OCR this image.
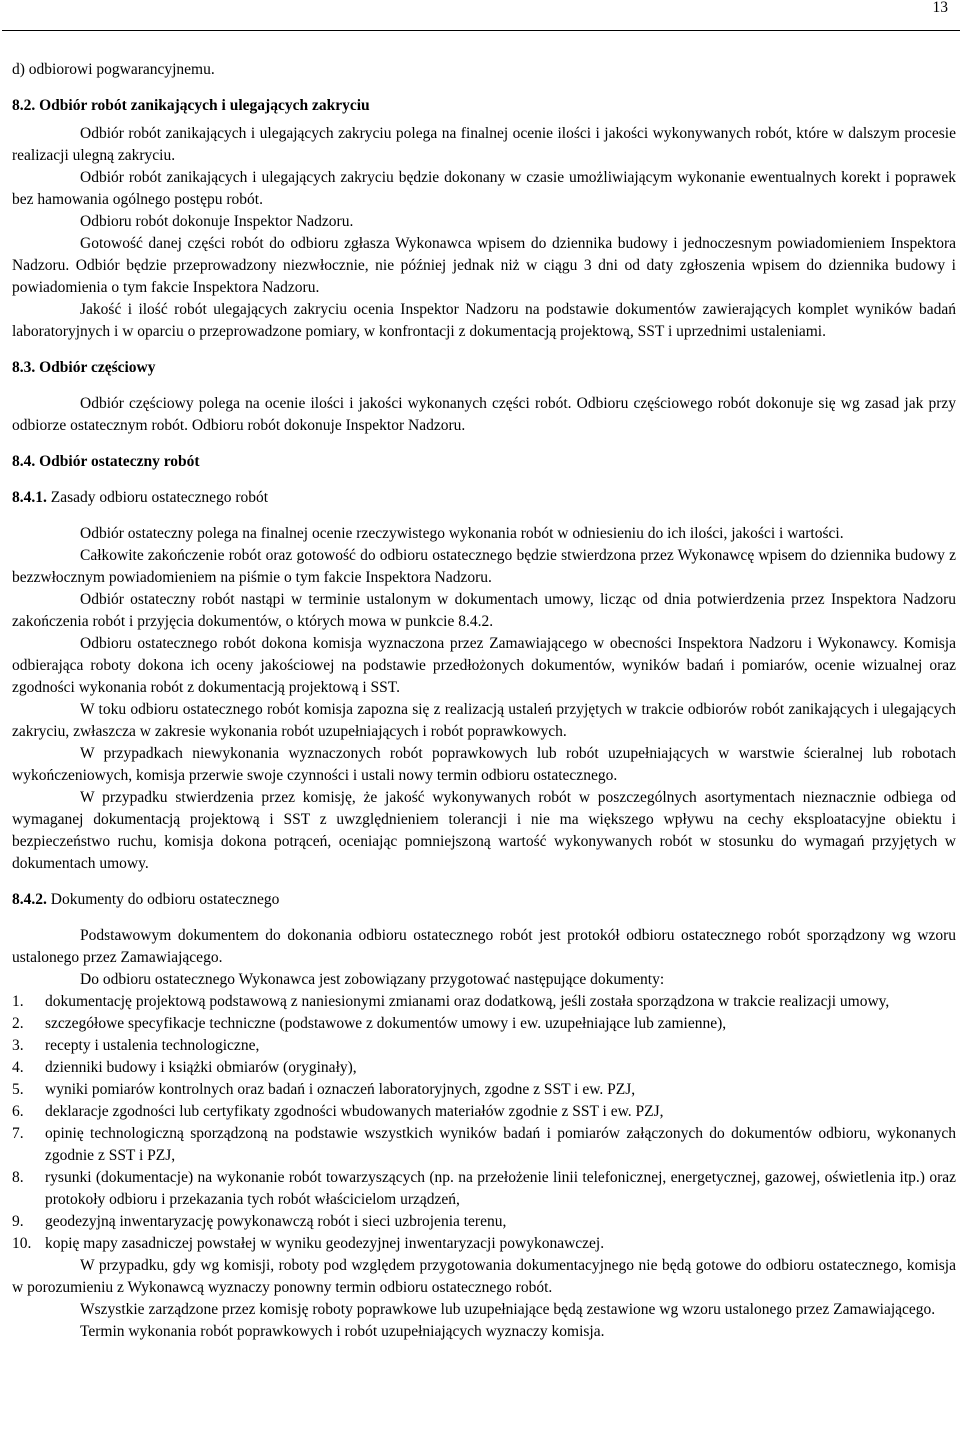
13

d) odbiorowi pogwarancyjnemu.

8.2. Odbiór robót zanikających i ulegających zakryciu

Odbiór robót zanikających i ulegających zakryciu polega na finalnej ocenie ilości i jakości wykonywanych robót, które w dalszym procesie realizacji ulegną zakryciu.

Odbiór robót zanikających i ulegających zakryciu będzie dokonany w czasie umożliwiającym wykonanie ewentualnych korekt i poprawek bez hamowania ogólnego postępu robót.

Odbioru robót dokonuje Inspektor Nadzoru.

Gotowość danej części robót do odbioru zgłasza Wykonawca wpisem do dziennika budowy i jednoczesnym powiadomieniem Inspektora Nadzoru. Odbiór będzie przeprowadzony niezwłocznie, nie później jednak niż w ciągu 3 dni od daty zgłoszenia wpisem do dziennika budowy i powiadomienia o tym fakcie Inspektora Nadzoru.

Jakość i ilość robót ulegających zakryciu ocenia Inspektor Nadzoru na podstawie dokumentów zawierających komplet wyników badań laboratoryjnych i w oparciu o przeprowadzone pomiary, w konfrontacji z dokumentacją projektową, SST i uprzednimi ustaleniami.

8.3. Odbiór częściowy

Odbiór częściowy polega na ocenie ilości i jakości wykonanych części robót. Odbioru częściowego robót dokonuje się wg zasad jak przy odbiorze ostatecznym robót. Odbioru robót dokonuje Inspektor Nadzoru.

8.4. Odbiór ostateczny robót
8.4.1. Zasady odbioru ostatecznego robót

Odbiór ostateczny polega na finalnej ocenie rzeczywistego wykonania robót w odniesieniu do ich ilości, jakości i wartości.

Całkowite zakończenie robót oraz gotowość do odbioru ostatecznego będzie stwierdzona przez Wykonawcę wpisem do dziennika budowy z bezzwłocznym powiadomieniem na piśmie o tym fakcie Inspektora Nadzoru.

Odbiór ostateczny robót nastąpi w terminie ustalonym w dokumentach umowy, licząc od dnia potwierdzenia przez Inspektora Nadzoru zakończenia robót i przyjęcia dokumentów, o których mowa w punkcie 8.4.2.

Odbioru ostatecznego robót dokona komisja wyznaczona przez Zamawiającego w obecności Inspektora Nadzoru i Wykonawcy. Komisja odbierająca roboty dokona ich oceny jakościowej na podstawie przedłożonych dokumentów, wyników badań i pomiarów, ocenie wizualnej oraz zgodności wykonania robót z dokumentacją projektową i SST.

W toku odbioru ostatecznego robót komisja zapozna się z realizacją ustaleń przyjętych w trakcie odbiorów robót zanikających i ulegających zakryciu, zwłaszcza w zakresie wykonania robót uzupełniających i robót poprawkowych.

W przypadkach niewykonania wyznaczonych robót poprawkowych lub robót uzupełniających w warstwie ścieralnej lub robotach wykończeniowych, komisja przerwie swoje czynności i ustali nowy termin odbioru ostatecznego.

W przypadku stwierdzenia przez komisję, że jakość wykonywanych robót w poszczególnych asortymentach nieznacznie odbiega od wymaganej dokumentacją projektową i SST z uwzględnieniem tolerancji i nie ma większego wpływu na cechy eksploatacyjne obiektu i bezpieczeństwo ruchu, komisja dokona potrąceń, oceniając pomniejszoną wartość wykonywanych robót w stosunku do wymagań przyjętych w dokumentach umowy.

8.4.2. Dokumenty do odbioru ostatecznego

Podstawowym dokumentem do dokonania odbioru ostatecznego robót jest protokół odbioru ostatecznego robót sporządzony wg wzoru ustalonego przez Zamawiającego.

Do odbioru ostatecznego Wykonawca jest zobowiązany przygotować następujące dokumenty:

1. dokumentację projektową podstawową z naniesionymi zmianami oraz dodatkową, jeśli została sporządzona w trakcie realizacji umowy,
2. szczegółowe specyfikacje techniczne (podstawowe z dokumentów umowy i ew. uzupełniające lub zamienne),
3. recepty i ustalenia technologiczne,
4. dzienniki budowy i książki obmiarów (oryginały),
5. wyniki pomiarów kontrolnych oraz badań i oznaczeń laboratoryjnych, zgodne z SST i ew. PZJ,
6. deklaracje zgodności lub certyfikaty zgodności wbudowanych materiałów zgodnie z SST i ew. PZJ,
7. opinię technologiczną sporządzoną na podstawie wszystkich wyników badań i pomiarów załączonych do dokumentów odbioru, wykonanych zgodnie z SST i PZJ,
8. rysunki (dokumentacje) na wykonanie robót towarzyszących (np. na przełożenie linii telefonicznej, energetycznej, gazowej, oświetlenia itp.) oraz protokoły odbioru i przekazania tych robót właścicielom urządzeń,
9. geodezyjną inwentaryzację powykonawczą robót i sieci uzbrojenia terenu,
10. kopię mapy zasadniczej powstałej w wyniku geodezyjnej inwentaryzacji powykonawczej.

W przypadku, gdy wg komisji, roboty pod względem przygotowania dokumentacyjnego nie będą gotowe do odbioru ostatecznego, komisja w porozumieniu z Wykonawcą wyznaczy ponowny termin odbioru ostatecznego robót.

Wszystkie zarządzone przez komisję roboty poprawkowe lub uzupełniające będą zestawione wg wzoru ustalonego przez Zamawiającego.

Termin wykonania robót poprawkowych i robót uzupełniających wyznaczy komisja.
